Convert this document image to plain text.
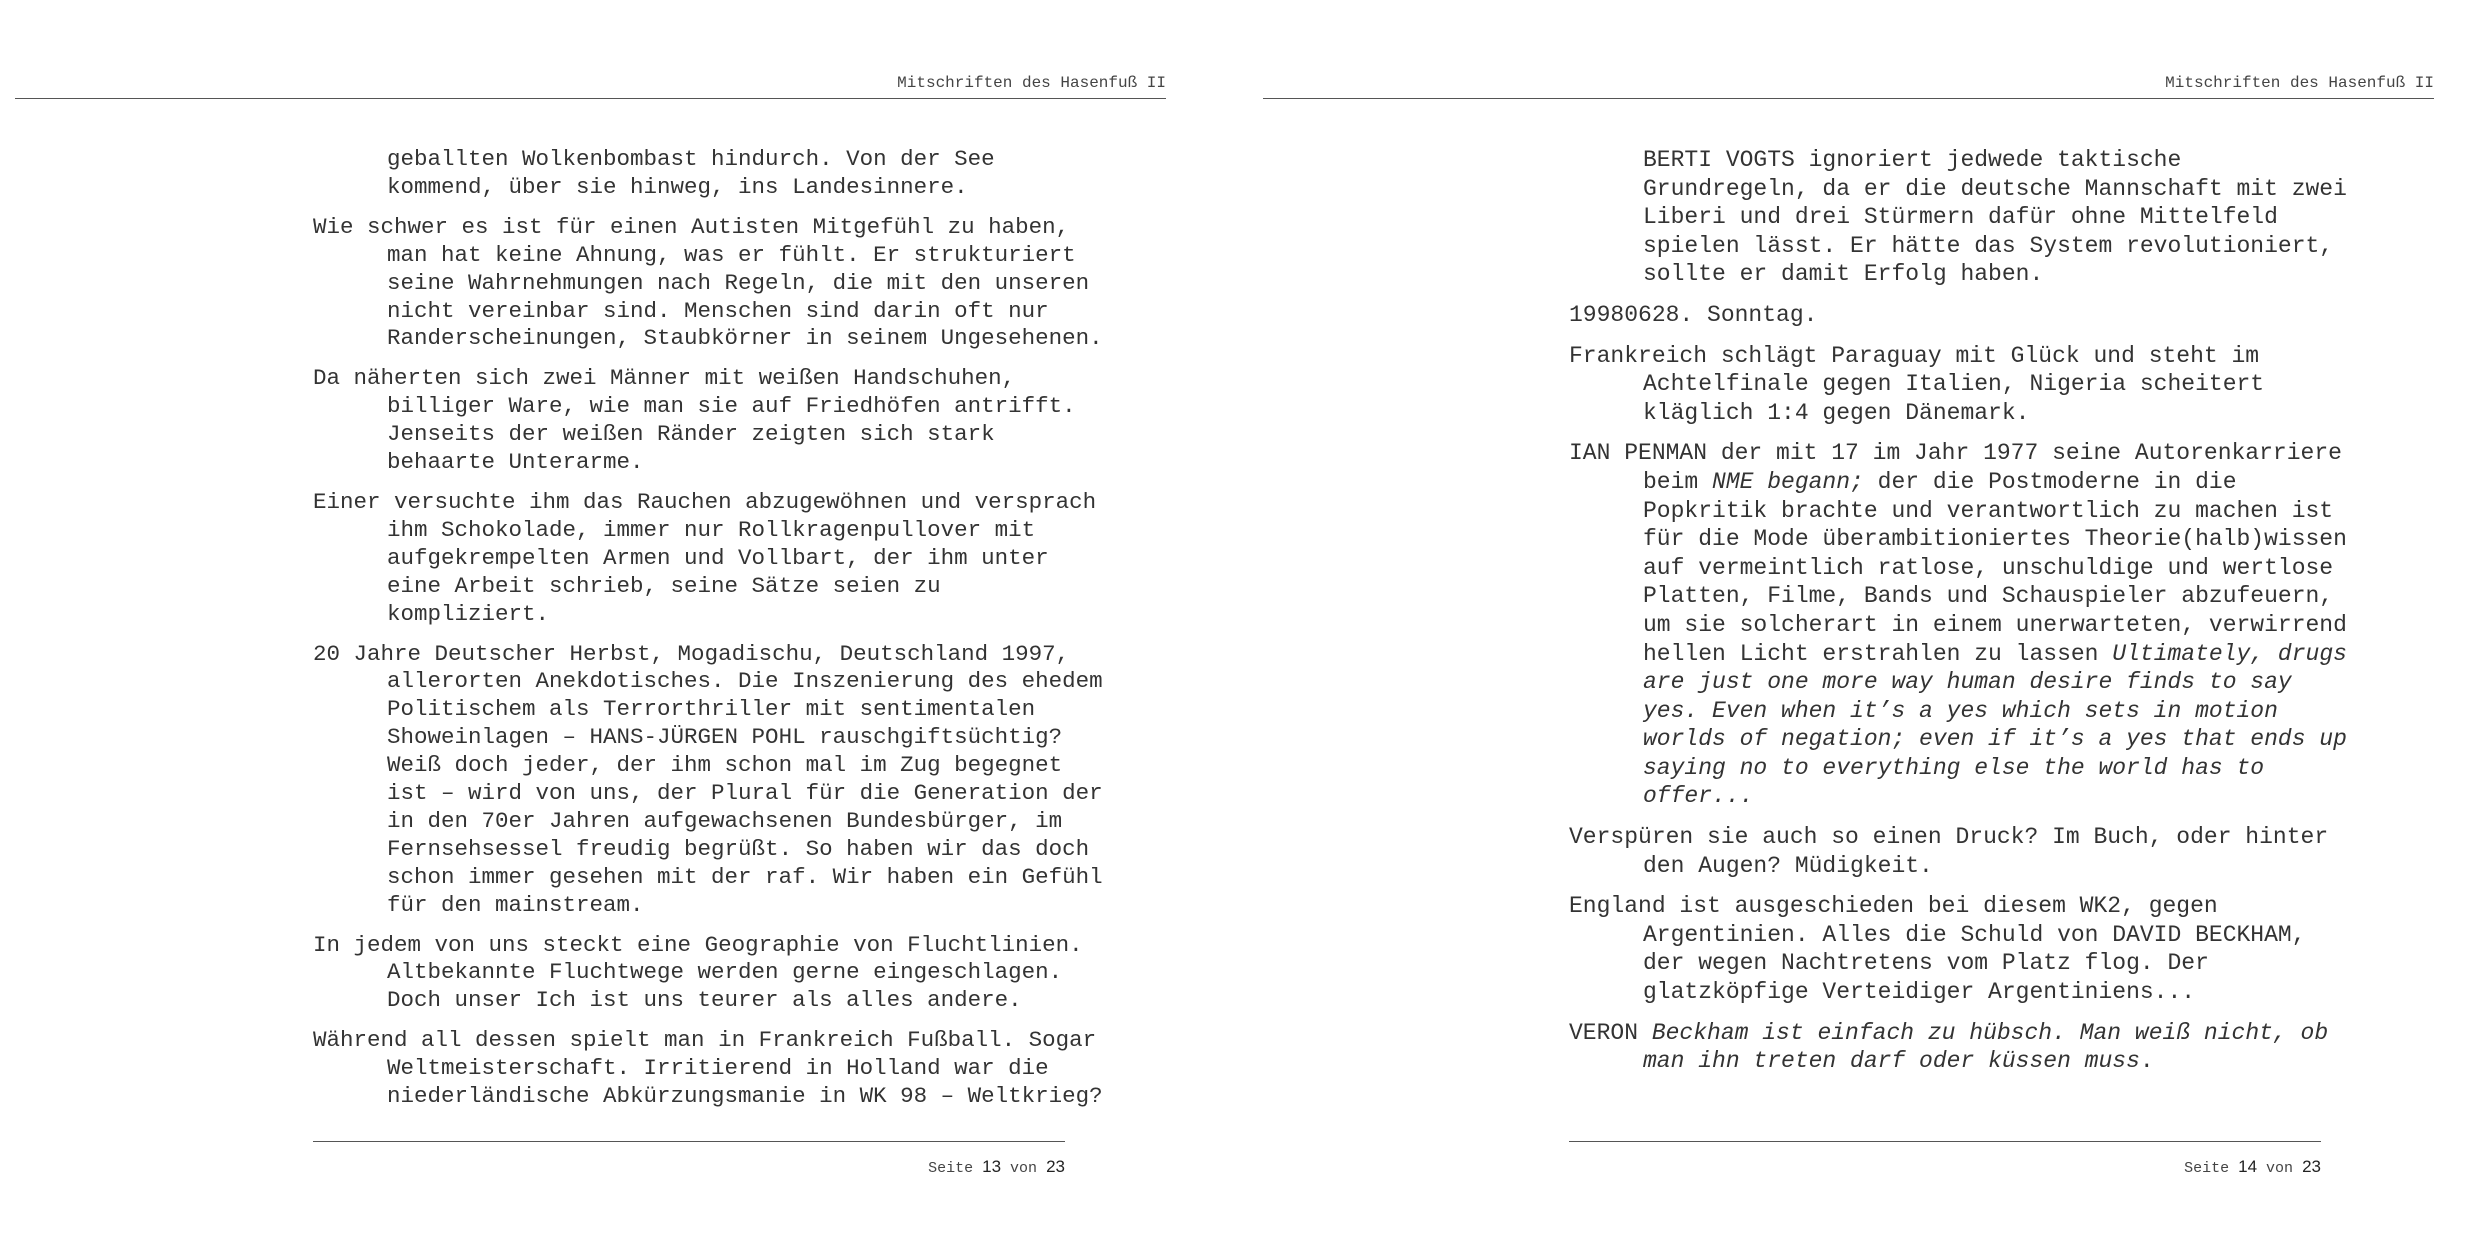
Mitschriften des Hasenfuß II

geballten Wolkenbombast hindurch. Von der See kommend, über sie hinweg, ins Landesinnere.

Wie schwer es ist für einen Autisten Mitgefühl zu haben, man hat keine Ahnung, was er fühlt. Er strukturiert seine Wahrnehmungen nach Regeln, die mit den unseren nicht vereinbar sind. Menschen sind darin oft nur Randerscheinungen, Staubkörner in seinem Ungesehenen.

Da näherten sich zwei Männer mit weißen Handschuhen, billiger Ware, wie man sie auf Friedhöfen antrifft. Jenseits der weißen Ränder zeigten sich stark behaarte Unterarme.

Einer versuchte ihm das Rauchen abzugewöhnen und versprach ihm Schokolade, immer nur Rollkragenpullover mit aufgekrempelten Armen und Vollbart, der ihm unter eine Arbeit schrieb, seine Sätze seien zu kompliziert.

20 Jahre Deutscher Herbst, Mogadischu, Deutschland 1997, allerorten Anekdotisches. Die Inszenierung des ehedem Politischem als Terrorthriller mit sentimentalen Showeinlagen – HANS-JÜRGEN POHL rauschgiftsüchtig? Weiß doch jeder, der ihm schon mal im Zug begegnet ist – wird von uns, der Plural für die Generation der in den 70er Jahren aufgewachsenen Bundesbürger, im Fernsehsessel freudig begrüßt. So haben wir das doch schon immer gesehen mit der raf. Wir haben ein Gefühl für den mainstream.

In jedem von uns steckt eine Geographie von Fluchtlinien. Altbekannte Fluchtwege werden gerne eingeschlagen. Doch unser Ich ist uns teurer als alles andere.

Während all dessen spielt man in Frankreich Fußball. Sogar Weltmeisterschaft. Irritierend in Holland war die niederländische Abkürzungsmanie in WK 98 – Weltkrieg?

Seite 13 von 23
Mitschriften des Hasenfuß II

BERTI VOGTS ignoriert jedwede taktische Grundregeln, da er die deutsche Mannschaft mit zwei Liberi und drei Stürmern dafür ohne Mittelfeld spielen lässt. Er hätte das System revolutioniert, sollte er damit Erfolg haben.

19980628. Sonntag.

Frankreich schlägt Paraguay mit Glück und steht im Achtelfinale gegen Italien, Nigeria scheitert kläglich 1:4 gegen Dänemark.

IAN PENMAN der mit 17 im Jahr 1977 seine Autorenkarriere beim NME begann; der die Postmoderne in die Popkritik brachte und verantwortlich zu machen ist für die Mode überambitioniertes Theorie(halb)wissen auf vermeintlich ratlose, unschuldige und wertlose Platten, Filme, Bands und Schauspieler abzufeuern, um sie solcherart in einem unerwarteten, verwirrend hellen Licht erstrahlen zu lassen Ultimately, drugs are just one more way human desire finds to say yes. Even when it’s a yes which sets in motion worlds of negation; even if it’s a yes that ends up saying no to everything else the world has to offer...

Verspüren sie auch so einen Druck? Im Buch, oder hinter den Augen? Müdigkeit.

England ist ausgeschieden bei diesem WK2, gegen Argentinien. Alles die Schuld von DAVID BECKHAM, der wegen Nachtretens vom Platz flog. Der glatzköpfige Verteidiger Argentiniens...

VERON Beckham ist einfach zu hübsch. Man weiß nicht, ob man ihn treten darf oder küssen muss.

Seite 14 von 23
